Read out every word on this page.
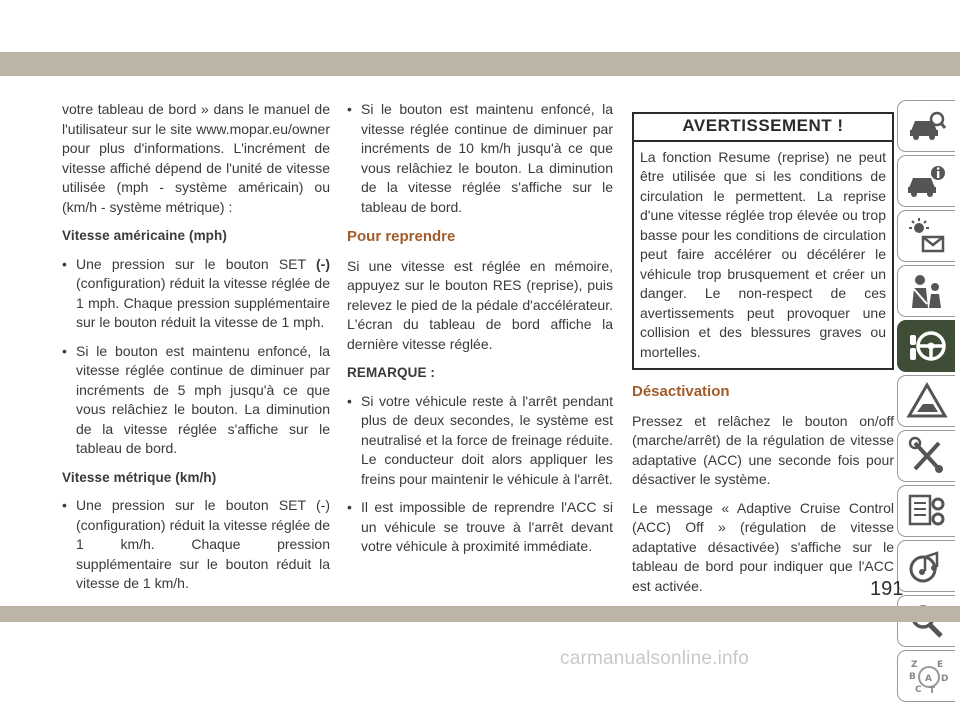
votre tableau de bord » dans le manuel de l'utilisateur sur le site www.mopar.eu/owner pour plus d'informations. L'incrément de vitesse affiché dépend de l'unité de vitesse utilisée (mph - système américain) ou (km/h - système métrique) :

Vitesse américaine (mph)
• Une pression sur le bouton SET (-) (configuration) réduit la vitesse réglée de 1 mph. Chaque pression supplémentaire sur le bouton réduit la vitesse de 1 mph.
• Si le bouton est maintenu enfoncé, la vitesse réglée continue de diminuer par incréments de 5 mph jusqu'à ce que vous relâchiez le bouton. La diminution de la vitesse réglée s'affiche sur le tableau de bord.
Vitesse métrique (km/h)
• Une pression sur le bouton SET (-) (configuration) réduit la vitesse réglée de 1 km/h. Chaque pression supplémentaire sur le bouton réduit la vitesse de 1 km/h.
• Si le bouton est maintenu enfoncé, la vitesse réglée continue de diminuer par incréments de 10 km/h jusqu'à ce que vous relâchiez le bouton. La diminution de la vitesse réglée s'affiche sur le tableau de bord.
Pour reprendre

Si une vitesse est réglée en mémoire, appuyez sur le bouton RES (reprise), puis relevez le pied de la pédale d'accélérateur. L'écran du tableau de bord affiche la dernière vitesse réglée.

REMARQUE :
• Si votre véhicule reste à l'arrêt pendant plus de deux secondes, le système est neutralisé et la force de freinage réduite. Le conducteur doit alors appliquer les freins pour maintenir le véhicule à l'arrêt.
• Il est impossible de reprendre l'ACC si un véhicule se trouve à l'arrêt devant votre véhicule à proximité immédiate.
AVERTISSEMENT !
La fonction Resume (reprise) ne peut être utilisée que si les conditions de circulation le permettent. La reprise d'une vitesse réglée trop élevée ou trop basse pour les conditions de circulation peut faire accélérer ou décélérer le véhicule trop brusquement et créer un danger. Le non-respect de ces avertissements peut provoquer une collision et des blessures graves ou mortelles.
Désactivation

Pressez et relâchez le bouton on/off (marche/arrêt) de la régulation de vitesse adaptative (ACC) une seconde fois pour désactiver le système.

Le message « Adaptive Cruise Control (ACC) Off » (régulation de vitesse adaptative désactivée) s'affiche sur le tableau de bord pour indiquer que l'ACC est activée.

Z E
B A D
C T
191
carmanualsonline.info
